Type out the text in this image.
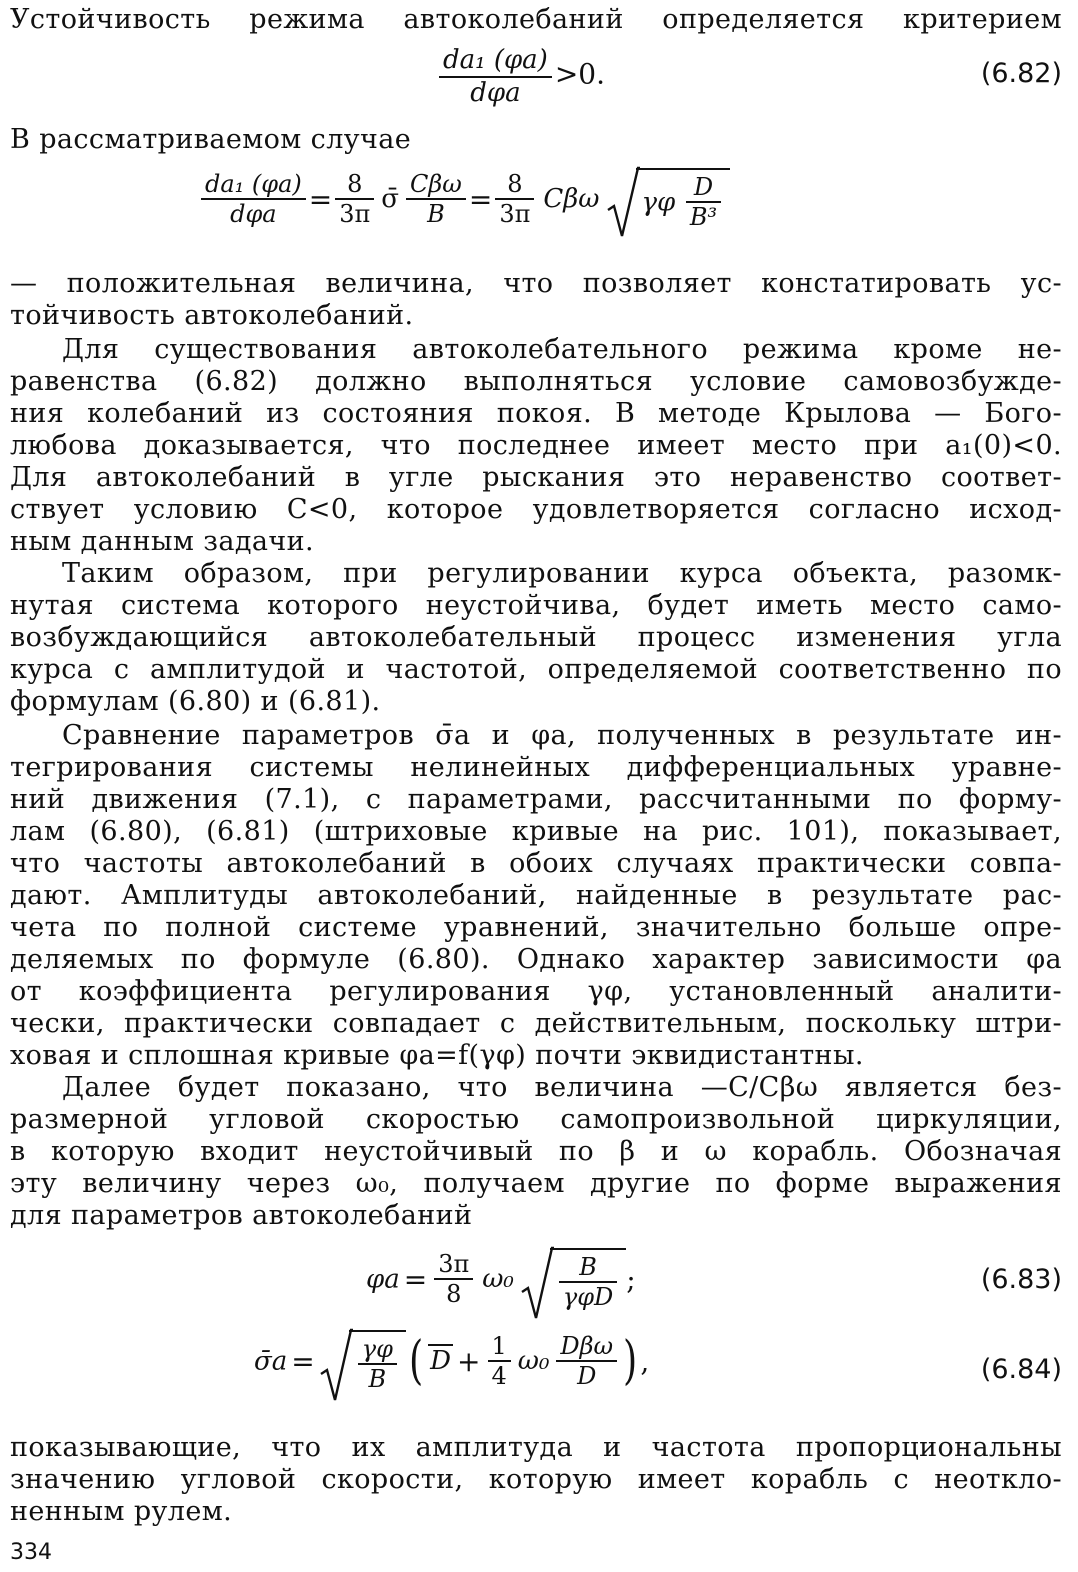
Устойчивость режима автоколебаний определяется критерием
$\frac{\text{da₁ (φa)}}{\text{dφa}} >0$.	(6.82)
В рассматриваемом случае
$\frac{\text{da₁ (φa)}}{\text{dφa}} = \frac{8}{3\pi}$ σ̄ $\frac{\text{Cβω}}{B} = \frac{8}{3\pi}$ Cβω γφ $\frac{D}{\text{B³}}$
— положительная величина, что позволяет констатировать ус-
тойчивость автоколебаний.
Для существования автоколебательного режима кроме не-
равенства (6.82) должно выполняться условие самовозбужде-
ния колебаний из состояния покоя. В методе Крылова — Бого-
любова доказывается, что последнее имеет место при a₁(0)<0.
Для автоколебаний в угле рыскания это неравенство соответ-
ствует условию C<0, которое удовлетворяется согласно исход-
ным данным задачи.
Таким образом, при регулировании курса объекта, разомк-
нутая система которого неустойчива, будет иметь место само-
возбуждающийся автоколебательный процесс изменения угла
курса с амплитудой и частотой, определяемой соответственно по
формулам (6.80) и (6.81).
Сравнение параметров σ̄a и φa, полученных в результате ин-
тегрирования системы нелинейных дифференциальных уравне-
ний движения (7.1), с параметрами, рассчитанными по форму-
лам (6.80), (6.81) (штриховые кривые на рис. 101), показывает,
что частоты автоколебаний в обоих случаях практически совпа-
дают. Амплитуды автоколебаний, найденные в результате рас-
чета по полной системе уравнений, значительно больше опре-
деляемых по формуле (6.80). Однако характер зависимости φa
от коэффициента регулирования γφ, установленный аналити-
чески, практически совпадает с действительным, поскольку штри-
ховая и сплошная кривые φa=f(γφ) почти эквидистантны.
Далее будет показано, что величина —C/Cβω является без-
размерной угловой скоростью самопроизвольной циркуляции,
в которую входит неустойчивый по β и ω корабль. Обозначая
эту величину через ω₀, получаем другие по форме выражения
для параметров автоколебаний
$\varphi a = \frac{3\pi}{8} \omega_0 \frac{B}{\text{γφD}}$ ;	(6.83)
σ̄a = $\frac{\gamma\varphi}{B}$ ( $D + \frac{1}{4} \omega_0 \frac{\text{Dβω}}{D}$ ) ,	(6.84)
показывающие, что их амплитуда и частота пропорциональны
значению угловой скорости, которую имеет корабль с неоткло-
ненным рулем.
334
